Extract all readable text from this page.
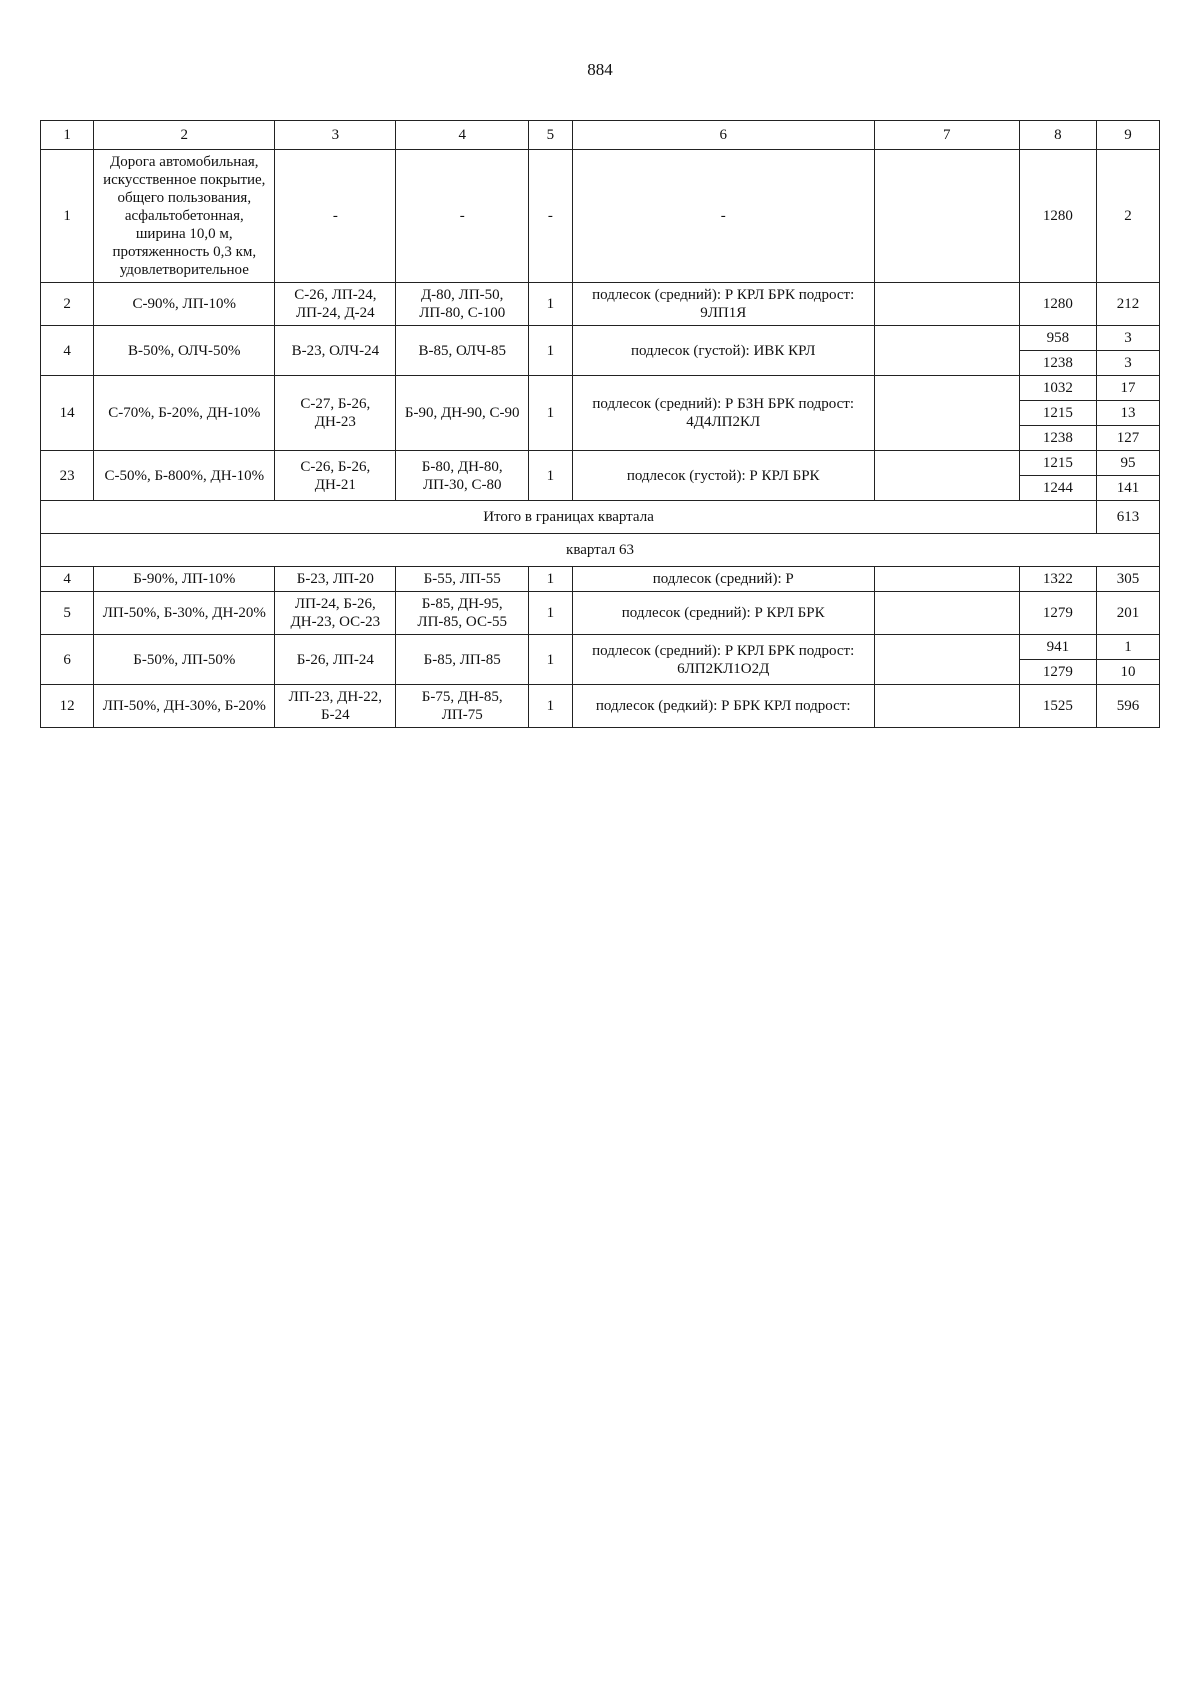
884
1	2	3	4	5	6	7	8	9
1	Дорога автомобильная, искусственное покрытие, общего пользования, асфальтобетонная, ширина 10,0 м, протяженность 0,3 км, удовлетворительное	-	-	-	-		1280	2
2	С-90%, ЛП-10%	С-26, ЛП-24, ЛП-24, Д-24	Д-80, ЛП-50, ЛП-80, С-100	1	подлесок (средний): Р КРЛ БРК подрост: 9ЛП1Я		1280	212
4	В-50%, ОЛЧ-50%	В-23, ОЛЧ-24	В-85, ОЛЧ-85	1	подлесок (густой): ИВК КРЛ		958	3
							1238	3
14	С-70%, Б-20%, ДН-10%	С-27, Б-26, ДН-23	Б-90, ДН-90, С-90	1	подлесок (средний): Р БЗН БРК подрост: 4Д4ЛП2КЛ		1032	17
							1215	13
							1238	127
23	С-50%, Б-800%, ДН-10%	С-26, Б-26, ДН-21	Б-80, ДН-80, ЛП-30, С-80	1	подлесок (густой): Р КРЛ БРК		1215	95
							1244	141
Итого в границах квартала								613
квартал 63								
4	Б-90%, ЛП-10%	Б-23, ЛП-20	Б-55, ЛП-55	1	подлесок (средний): Р		1322	305
5	ЛП-50%, Б-30%, ДН-20%	ЛП-24, Б-26, ДН-23, ОС-23	Б-85, ДН-95, ЛП-85, ОС-55	1	подлесок (средний): Р КРЛ БРК		1279	201
6	Б-50%, ЛП-50%	Б-26, ЛП-24	Б-85, ЛП-85	1	подлесок (средний): Р КРЛ БРК подрост: 6ЛП2КЛ1О2Д		941	1
							1279	10
12	ЛП-50%, ДН-30%, Б-20%	ЛП-23, ДН-22, Б-24	Б-75, ДН-85, ЛП-75	1	подлесок (редкий): Р БРК КРЛ подрост:		1525	596
